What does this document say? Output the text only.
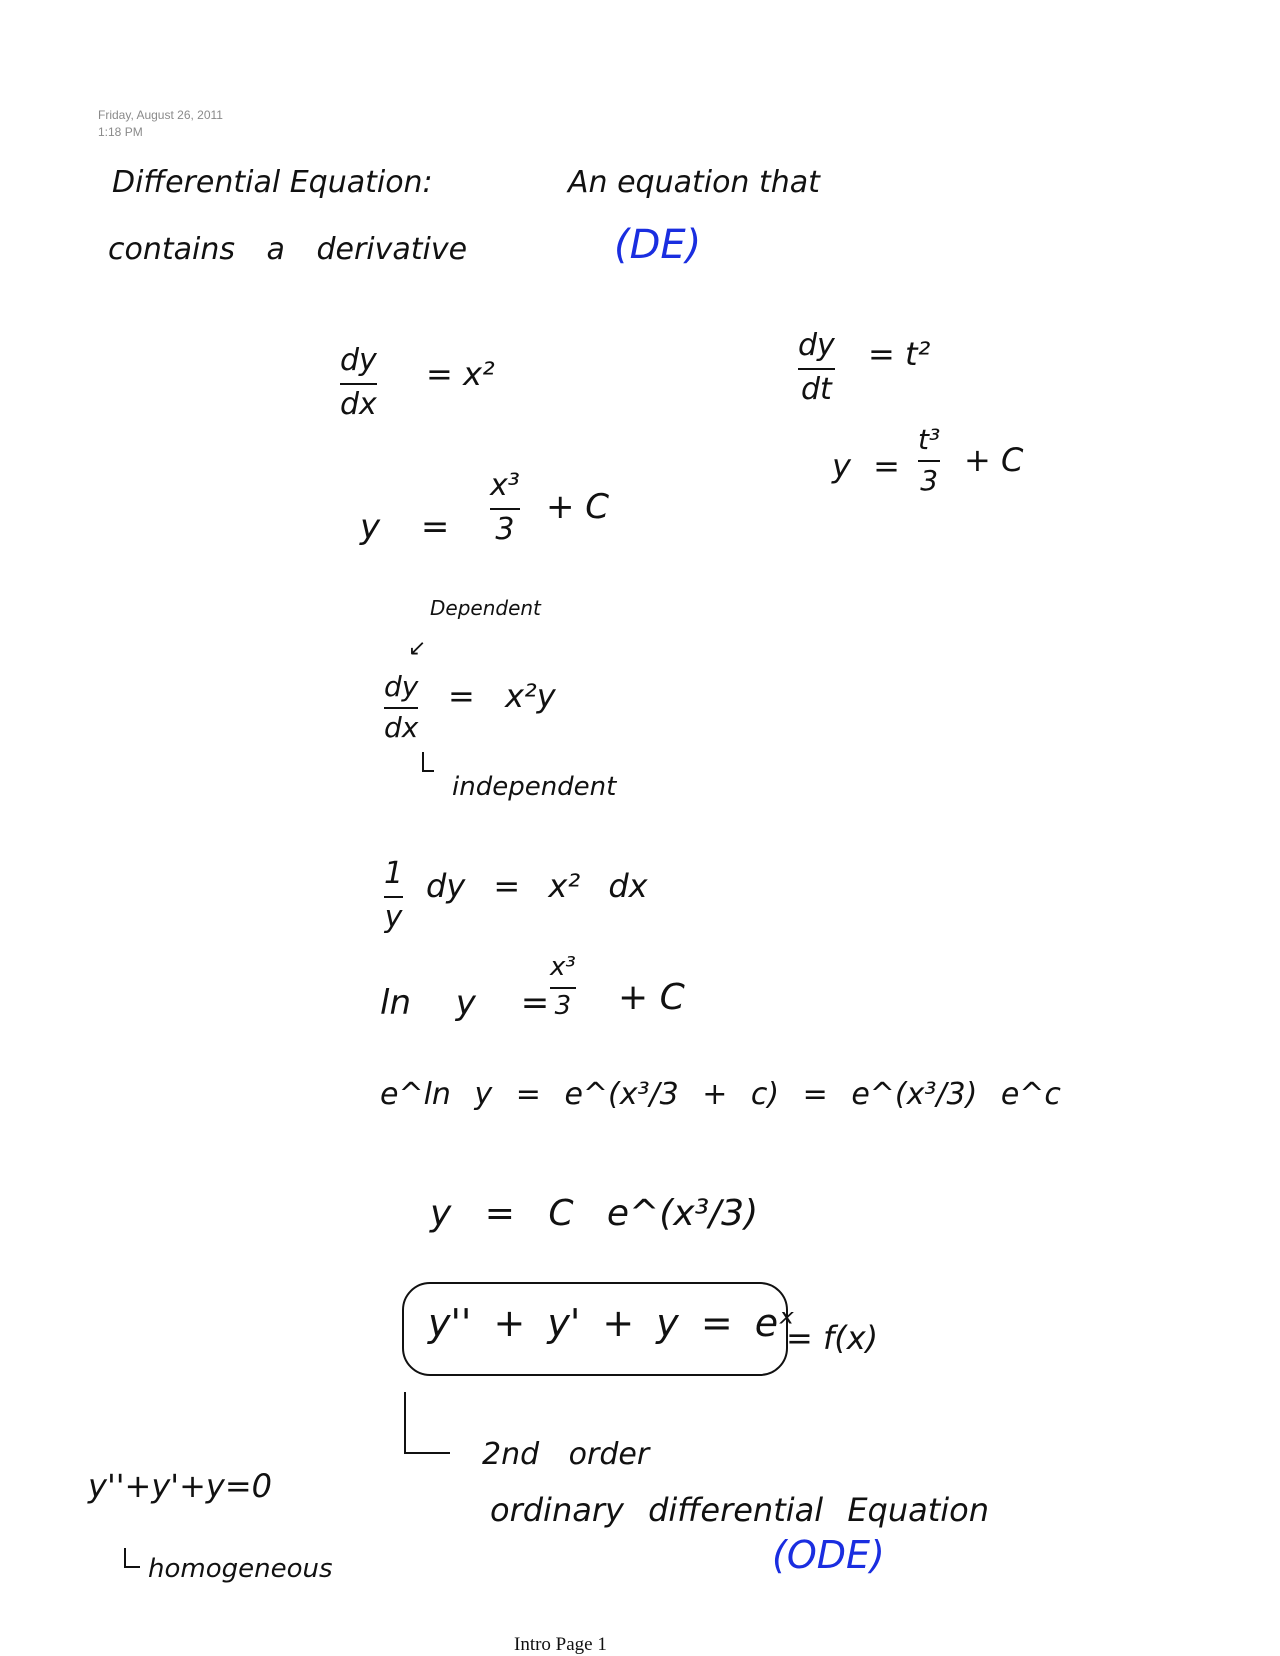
Friday, August 26, 2011
1:18 PM
Differential Equation:	An equation that
contains a derivative	(DE)
dy
dx
= x²
y =
x³
3
+ C
dy
dt
= t²
y =
t³
3
+ C
Dependent
↙
dy
dx
= x²y
independent
1
y
dy = x² dx
ln y =
x³
3 + C
e^ln y = e^(x³/3 + c) = e^(x³/3) e^c
y = C e^(x³/3)
y'' + y' + y = eˣ
= f(x)
2nd order
ordinary differential Equation
(ODE)
y''+y'+y=0
homogeneous
Intro Page 1
